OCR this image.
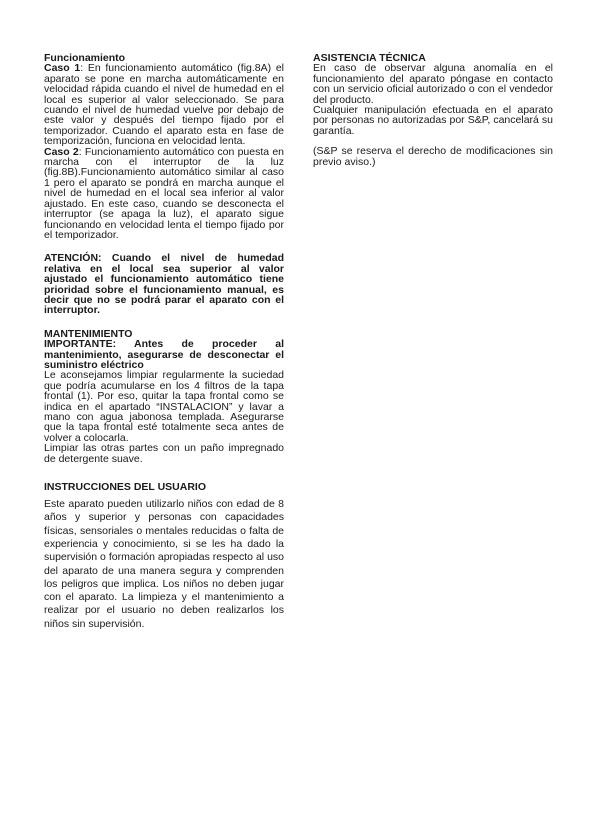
Funcionamiento

Caso 1: En funcionamiento automático (fig.8A) el aparato se pone en marcha automáticamente en velocidad rápida cuando el nivel de humedad en el local es superior al valor seleccionado. Se para cuando el nivel de humedad vuelve por debajo de este valor y después del tiempo fijado por el temporizador. Cuando el aparato esta en fase de temporización, funciona en velocidad lenta.

Caso 2: Funcionamiento automático con puesta en marcha con el interruptor de la luz (fig.8B).Funcionamiento automático similar al caso 1 pero el aparato se pondrá en marcha aunque el nivel de humedad en el local sea inferior al valor ajustado. En este caso, cuando se desconecta el interruptor (se apaga la luz), el aparato sigue funcionando en velocidad lenta el tiempo fijado por el temporizador.

ATENCIÓN: Cuando el nivel de humedad relativa en el local sea superior al valor ajustado el funcionamiento automático tiene prioridad sobre el funcionamiento manual, es decir que no se podrá parar el aparato con el interruptor.

MANTENIMIENTO

IMPORTANTE: Antes de proceder al mantenimiento, asegurarse de desconectar el suministro eléctrico

Le aconsejamos limpiar regularmente la suciedad que podría acumularse en los 4 filtros de la tapa frontal (1). Por eso, quitar la tapa frontal como se indica en el apartado “INSTALACION” y lavar a mano con agua jabonosa templada. Asegurarse que la tapa frontal esté totalmente seca antes de volver a colocarla.

Limpiar las otras partes con un paño impregnado de detergente suave.

INSTRUCCIONES DEL USUARIO

Este aparato pueden utilizarlo niños con edad de 8 años y superior y personas con capacidades físicas, sensoriales o mentales reducidas o falta de experiencia y conocimiento, si se les ha dado la supervisión o formación apropiadas respecto al uso del aparato de una manera segura y comprenden los peligros que implica. Los niños no deben jugar con el aparato. La limpieza y el mantenimiento a realizar por el usuario no deben realizarlos los niños sin supervisión.

ASISTENCIA TÉCNICA

En caso de observar alguna anomalía en el funcionamiento del aparato póngase en contacto con un servicio oficial autorizado o con el vendedor del producto.

Cualquier manipulación efectuada en el aparato por personas no autorizadas por S&P, cancelará su garantía.

(S&P se reserva el derecho de modificaciones sin previo aviso.)
